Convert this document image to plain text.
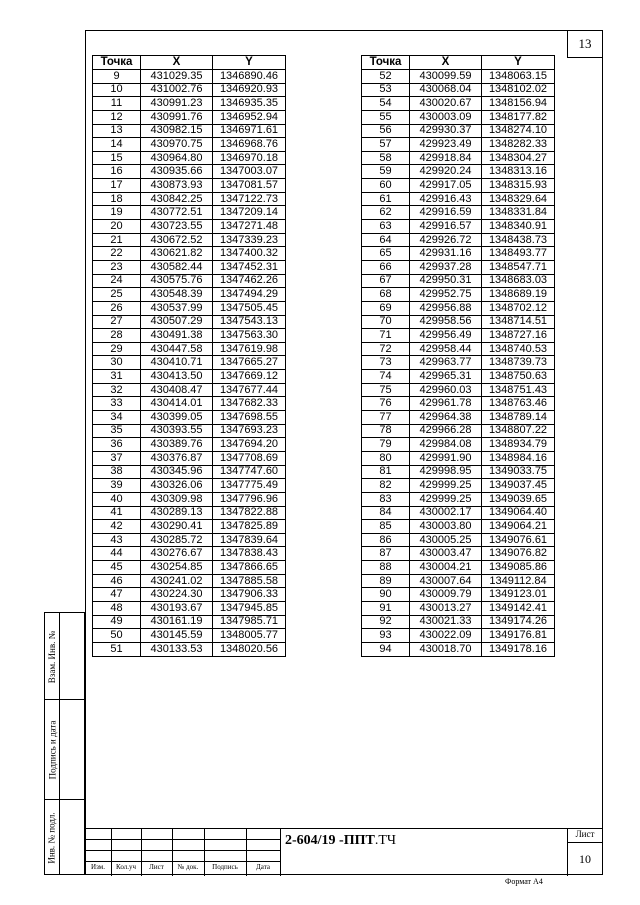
13
Точка	X	Y
9	431029.35	1346890.46
10	431002.76	1346920.93
11	430991.23	1346935.35
12	430991.76	1346952.94
13	430982.15	1346971.61
14	430970.75	1346968.76
15	430964.80	1346970.18
16	430935.66	1347003.07
17	430873.93	1347081.57
18	430842.25	1347122.73
19	430772.51	1347209.14
20	430723.55	1347271.48
21	430672.52	1347339.23
22	430621.82	1347400.32
23	430582.44	1347452.31
24	430575.76	1347462.26
25	430548.39	1347494.29
26	430537.99	1347505.45
27	430507.29	1347543.13
28	430491.38	1347563.30
29	430447.58	1347619.98
30	430410.71	1347665.27
31	430413.50	1347669.12
32	430408.47	1347677.44
33	430414.01	1347682.33
34	430399.05	1347698.55
35	430393.55	1347693.23
36	430389.76	1347694.20
37	430376.87	1347708.69
38	430345.96	1347747.60
39	430326.06	1347775.49
40	430309.98	1347796.96
41	430289.13	1347822.88
42	430290.41	1347825.89
43	430285.72	1347839.64
44	430276.67	1347838.43
45	430254.85	1347866.65
46	430241.02	1347885.58
47	430224.30	1347906.33
48	430193.67	1347945.85
49	430161.19	1347985.71
50	430145.59	1348005.77
51	430133.53	1348020.56
Точка	X	Y
52	430099.59	1348063.15
53	430068.04	1348102.02
54	430020.67	1348156.94
55	430003.09	1348177.82
56	429930.37	1348274.10
57	429923.49	1348282.33
58	429918.84	1348304.27
59	429920.24	1348313.16
60	429917.05	1348315.93
61	429916.43	1348329.64
62	429916.59	1348331.84
63	429916.57	1348340.91
64	429926.72	1348438.73
65	429931.16	1348493.77
66	429937.28	1348547.71
67	429950.31	1348683.03
68	429952.75	1348689.19
69	429956.88	1348702.12
70	429958.56	1348714.51
71	429956.49	1348727.16
72	429958.44	1348740.53
73	429963.77	1348739.73
74	429965.31	1348750.63
75	429960.03	1348751.43
76	429961.78	1348763.46
77	429964.38	1348789.14
78	429966.28	1348807.22
79	429984.08	1348934.79
80	429991.90	1348984.16
81	429998.95	1349033.75
82	429999.25	1349037.45
83	429999.25	1349039.65
84	430002.17	1349064.40
85	430003.80	1349064.21
86	430005.25	1349076.61
87	430003.47	1349076.82
88	430004.21	1349085.86
89	430007.64	1349112.84
90	430009.79	1349123.01
91	430013.27	1349142.41
92	430021.33	1349174.26
93	430022.09	1349176.81
94	430018.70	1349178.16
Взам. Инв. №
Подпись и дата
Инв. № подл.
Изм.	Кол.уч	Лист	№ док.	Подпись	Дата
2-604/19 -ППТ.ТЧ	Лист
10
Формат А4
